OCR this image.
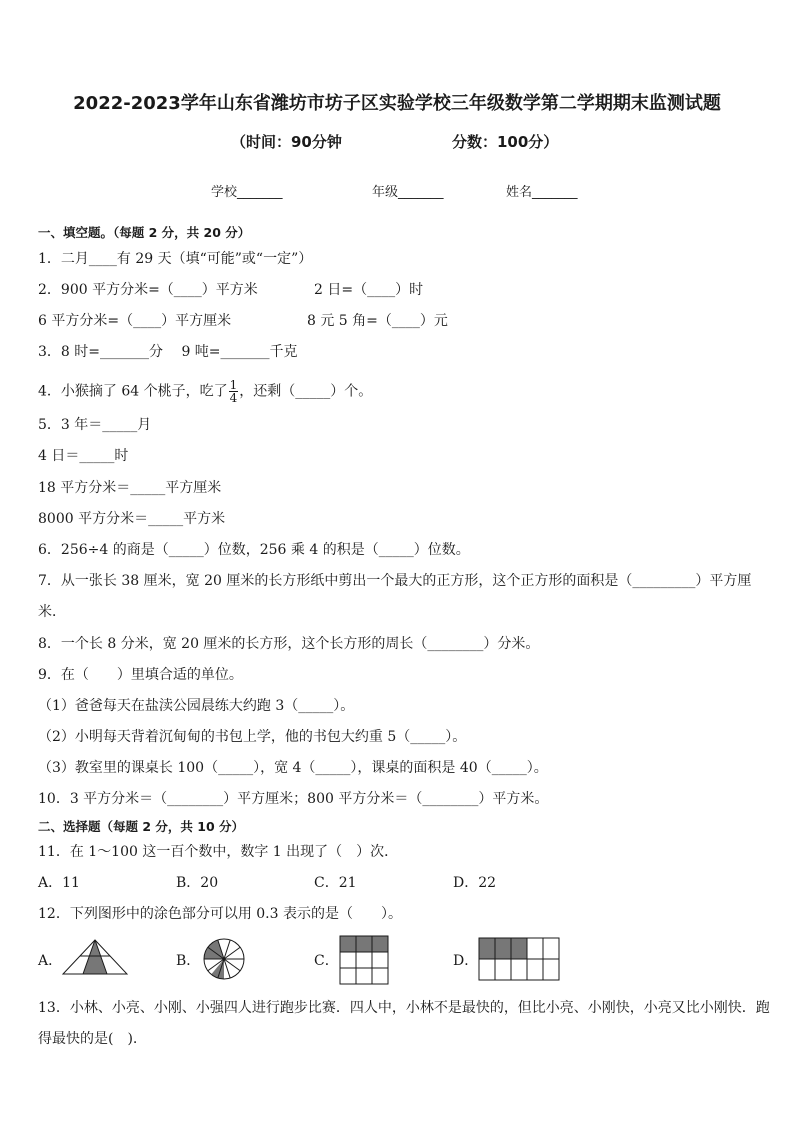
2022-2023学年山东省潍坊市坊子区实验学校三年级数学第二学期期末监测试题
（时间：90分钟	分数：100分）
学校_______	年级_______	姓名_______
一、填空题。（每题 2 分，共 20 分）
1．二月____有 29 天（填“可能”或“一定”）
2．900 平方分米=（____）平方米	2 日=（____）时
6 平方分米=（____）平方厘米	8 元 5 角=（____）元
3．8 时=_______分　 9 吨=_______千克
4．小猴摘了 64 个桃子，吃了 $\frac{1}{4}$ ，还剩（_____）个。
5．3 年＝_____月
4 日＝_____时
18 平方分米＝_____平方厘米
8000 平方分米＝_____平方米
6．256÷4 的商是（_____）位数，256 乘 4 的积是（_____）位数。
7．从一张长 38 厘米，宽 20 厘米的长方形纸中剪出一个最大的正方形，这个正方形的面积是（_________）平方厘
米．
8．一个长 8 分米，宽 20 厘米的长方形，这个长方形的周长（________）分米。
9．在（　　）里填合适的单位。
（1）爸爸每天在盐渎公园晨练大约跑 3（_____）。
（2）小明每天背着沉甸甸的书包上学，他的书包大约重 5（_____）。
（3）教室里的课桌长 100（_____），宽 4（_____），课桌的面积是 40（_____）。
10．3 平方分米＝（________）平方厘米；800 平方分米＝（________）平方米。
二、选择题（每题 2 分，共 10 分）
11．在 1～100 这一百个数中，数字 1 出现了（　）次．
A．11	B．20	C．21	D．22
12．下列图形中的涂色部分可以用 0.3 表示的是（　　）。
A．	B．	C．	D．
13．小林、小亮、小刚、小强四人进行跑步比赛．四人中，小林不是最快的，但比小亮、小刚快，小亮又比小刚快．跑
得最快的是(　).
